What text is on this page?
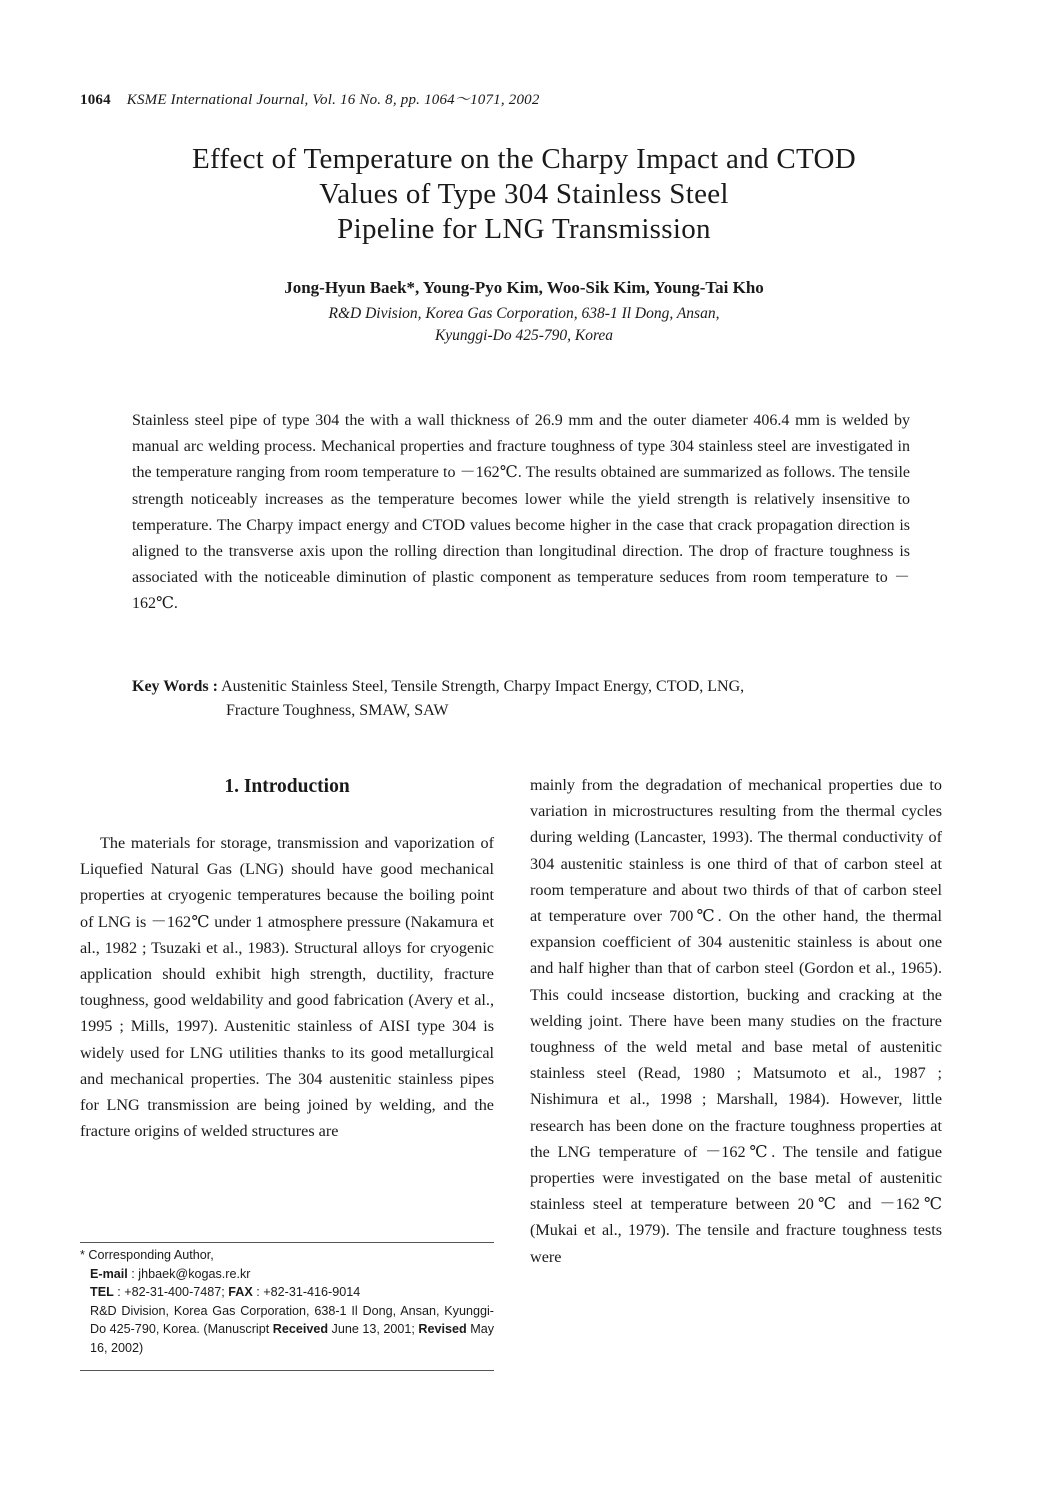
1064 KSME International Journal, Vol. 16 No. 8, pp. 1064～1071, 2002
Effect of Temperature on the Charpy Impact and CTOD
Values of Type 304 Stainless Steel
Pipeline for LNG Transmission
Jong-Hyun Baek*, Young-Pyo Kim, Woo-Sik Kim, Young-Tai Kho
R&D Division, Korea Gas Corporation, 638-1 Il Dong, Ansan,
Kyunggi-Do 425-790, Korea

Stainless steel pipe of type 304 the with a wall thickness of 26.9 mm and the outer diameter 406.4 mm is welded by manual arc welding process. Mechanical properties and fracture toughness of type 304 stainless steel are investigated in the temperature ranging from room temperature to －162℃. The results obtained are summarized as follows. The tensile strength noticeably increases as the temperature becomes lower while the yield strength is relatively insensitive to temperature. The Charpy impact energy and CTOD values become higher in the case that crack propagation direction is aligned to the transverse axis upon the rolling direction than longitudinal direction. The drop of fracture toughness is associated with the noticeable diminution of plastic component as temperature seduces from room temperature to －162℃.

Key Words : Austenitic Stainless Steel, Tensile Strength, Charpy Impact Energy, CTOD, LNG,
Fracture Toughness, SMAW, SAW
1. Introduction

The materials for storage, transmission and vaporization of Liquefied Natural Gas (LNG) should have good mechanical properties at cryogenic temperatures because the boiling point of LNG is －162℃ under 1 atmosphere pressure (Nakamura et al., 1982 ; Tsuzaki et al., 1983). Structural alloys for cryogenic application should exhibit high strength, ductility, fracture toughness, good weldability and good fabrication (Avery et al., 1995 ; Mills, 1997). Austenitic stainless of AISI type 304 is widely used for LNG utilities thanks to its good metallurgical and mechanical properties. The 304 austenitic stainless pipes for LNG transmission are being joined by welding, and the fracture origins of welded structures are

mainly from the degradation of mechanical properties due to variation in microstructures resulting from the thermal cycles during welding (Lancaster, 1993). The thermal conductivity of 304 austenitic stainless is one third of that of carbon steel at room temperature and about two thirds of that of carbon steel at temperature over 700℃. On the other hand, the thermal expansion coefficient of 304 austenitic stainless is about one and half higher than that of carbon steel (Gordon et al., 1965). This could incsease distortion, bucking and cracking at the welding joint. There have been many studies on the fracture toughness of the weld metal and base metal of austenitic stainless steel (Read, 1980 ; Matsumoto et al., 1987 ; Nishimura et al., 1998 ; Marshall, 1984). However, little research has been done on the fracture toughness properties at the LNG temperature of －162℃. The tensile and fatigue properties were investigated on the base metal of austenitic stainless steel at temperature between 20℃ and －162℃ (Mukai et al., 1979). The tensile and fracture toughness tests were

* Corresponding Author,
E-mail : jhbaek@kogas.re.kr
TEL : +82-31-400-7487; FAX : +82-31-416-9014
R&D Division, Korea Gas Corporation, 638-1 Il Dong, Ansan, Kyunggi-Do 425-790, Korea. (Manuscript Received June 13, 2001; Revised May 16, 2002)
